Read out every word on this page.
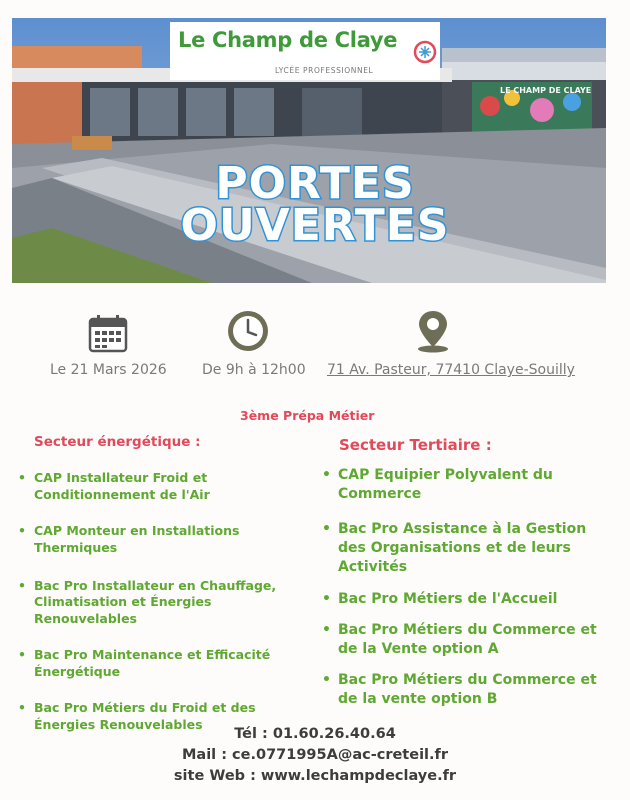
LE CHAMP DE CLAYE
Le Champ de Claye
LYCÉE PROFESSIONNEL
PORTES
OUVERTES
Le 21 Mars 2026	De 9h à 12h00 71 Av. Pasteur, 77410 Claye-Souilly
3ème Prépa Métier
Secteur énergétique :	Secteur Tertiaire :
• CAP Installateur Froid et Conditionnement de l'Air
• CAP Monteur en Installations Thermiques
• Bac Pro Installateur en Chauffage, Climatisation et Énergies Renouvelables
• Bac Pro Maintenance et Efficacité Énergétique
• Bac Pro Métiers du Froid et des Énergies Renouvelables
• CAP Equipier Polyvalent du Commerce
• Bac Pro Assistance à la Gestion des Organisations et de leurs Activités
• Bac Pro Métiers de l'Accueil
• Bac Pro Métiers du Commerce et de la Vente option A
• Bac Pro Métiers du Commerce et de la vente option B
Tél : 01.60.26.40.64
Mail : ce.0771995A@ac-creteil.fr
site Web : www.lechampdeclaye.fr
